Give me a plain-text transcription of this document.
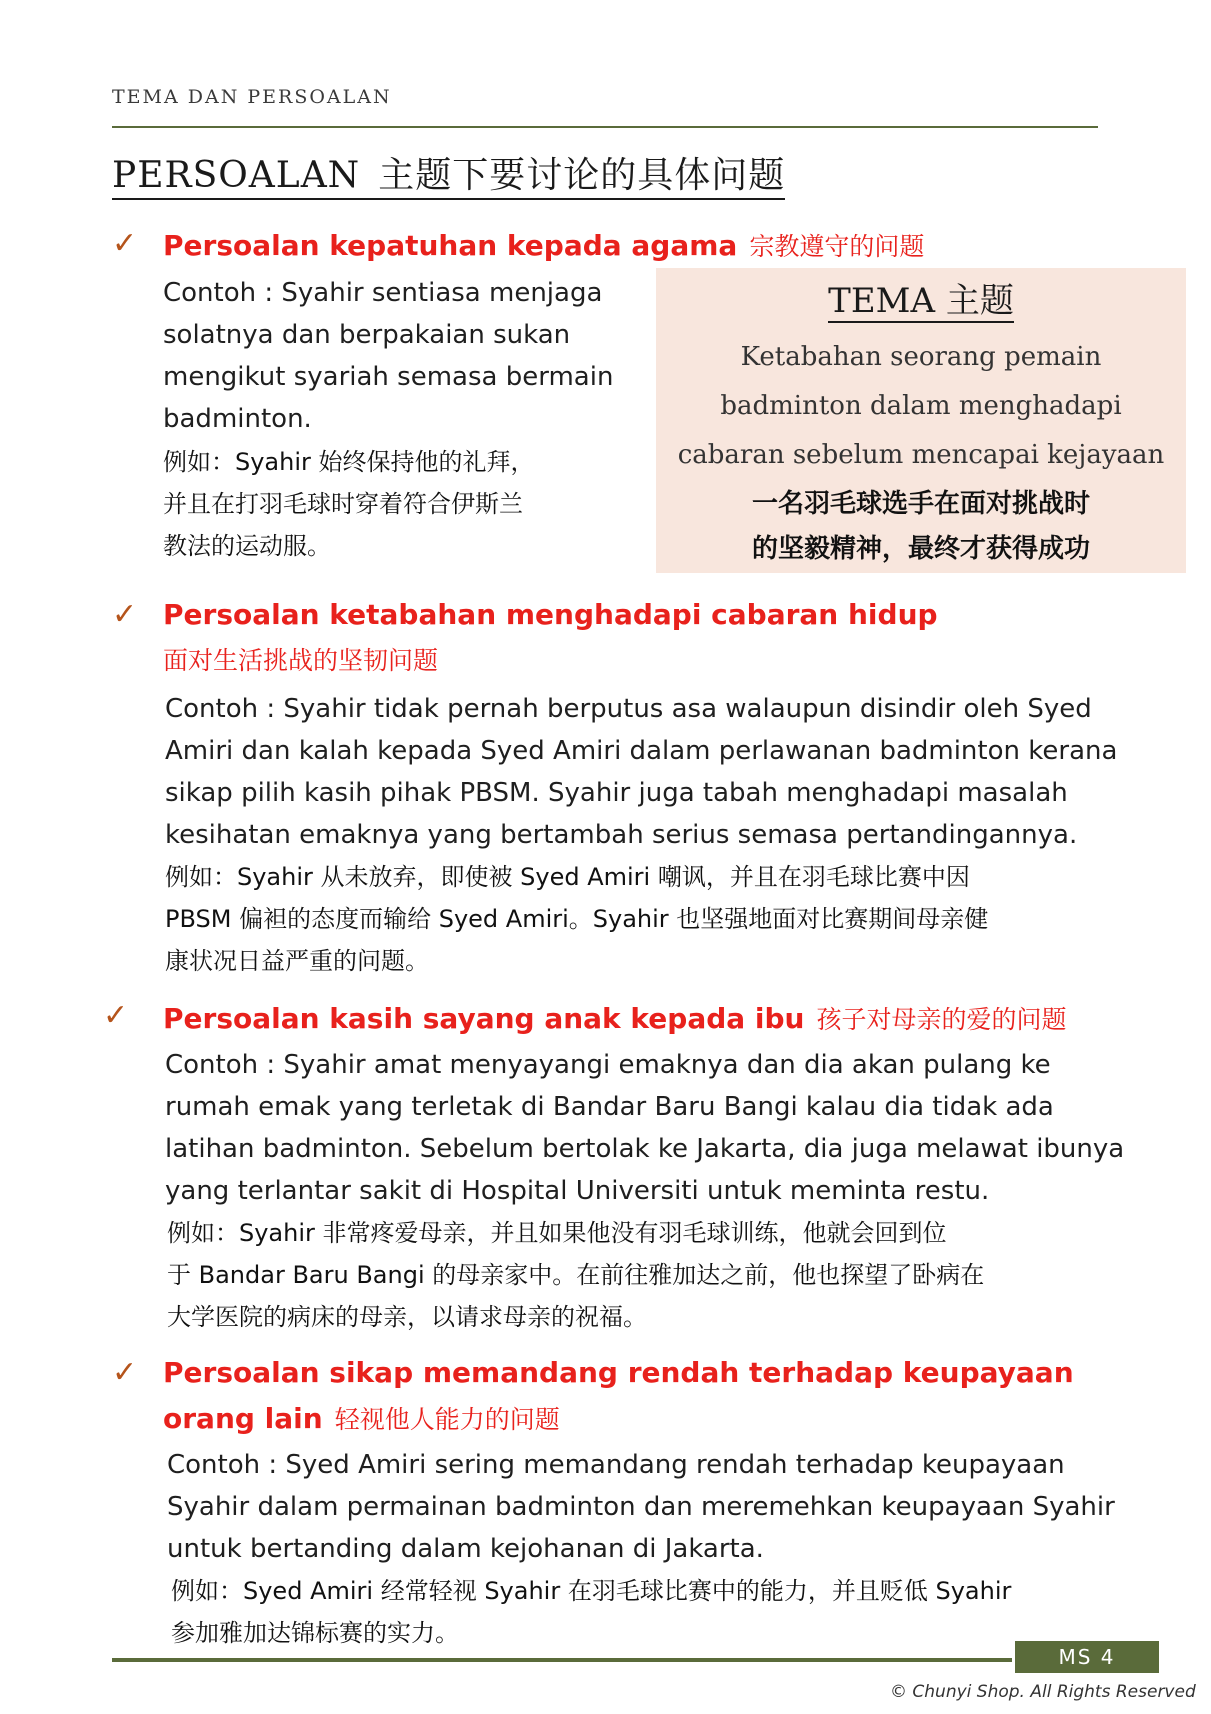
TEMA DAN PERSOALAN
PERSOALAN 主题下要讨论的具体问题
✓ Persoalan kepatuhan kepada agama 宗教遵守的问题
Contoh : Syahir sentiasa menjaga
solatnya dan berpakaian sukan
mengikut syariah semasa bermain
badminton.
例如：Syahir 始终保持他的礼拜，
并且在打羽毛球时穿着符合伊斯兰
教法的运动服。
TEMA 主题
Ketabahan seorang pemain
badminton dalam menghadapi
cabaran sebelum mencapai kejayaan
一名羽毛球选手在面对挑战时
的坚毅精神，最终才获得成功
✓ Persoalan ketabahan menghadapi cabaran hidup
面对生活挑战的坚韧问题
Contoh : Syahir tidak pernah berputus asa walaupun disindir oleh Syed
Amiri dan kalah kepada Syed Amiri dalam perlawanan badminton kerana
sikap pilih kasih pihak PBSM. Syahir juga tabah menghadapi masalah
kesihatan emaknya yang bertambah serius semasa pertandingannya.
例如：Syahir 从未放弃，即使被 Syed Amiri 嘲讽，并且在羽毛球比赛中因
PBSM 偏袒的态度而输给 Syed Amiri。Syahir 也坚强地面对比赛期间母亲健
康状况日益严重的问题。
✓ Persoalan kasih sayang anak kepada ibu 孩子对母亲的爱的问题
Contoh : Syahir amat menyayangi emaknya dan dia akan pulang ke
rumah emak yang terletak di Bandar Baru Bangi kalau dia tidak ada
latihan badminton. Sebelum bertolak ke Jakarta, dia juga melawat ibunya
yang terlantar sakit di Hospital Universiti untuk meminta restu.
例如：Syahir 非常疼爱母亲，并且如果他没有羽毛球训练，他就会回到位
于 Bandar Baru Bangi 的母亲家中。在前往雅加达之前，他也探望了卧病在
大学医院的病床的母亲，以请求母亲的祝福。
✓ Persoalan sikap memandang rendah terhadap keupayaan
orang lain 轻视他人能力的问题
Contoh : Syed Amiri sering memandang rendah terhadap keupayaan
Syahir dalam permainan badminton dan meremehkan keupayaan Syahir
untuk bertanding dalam kejohanan di Jakarta.
例如：Syed Amiri 经常轻视 Syahir 在羽毛球比赛中的能力，并且贬低 Syahir
参加雅加达锦标赛的实力。
MS 4
© Chunyi Shop. All Rights Reserved
